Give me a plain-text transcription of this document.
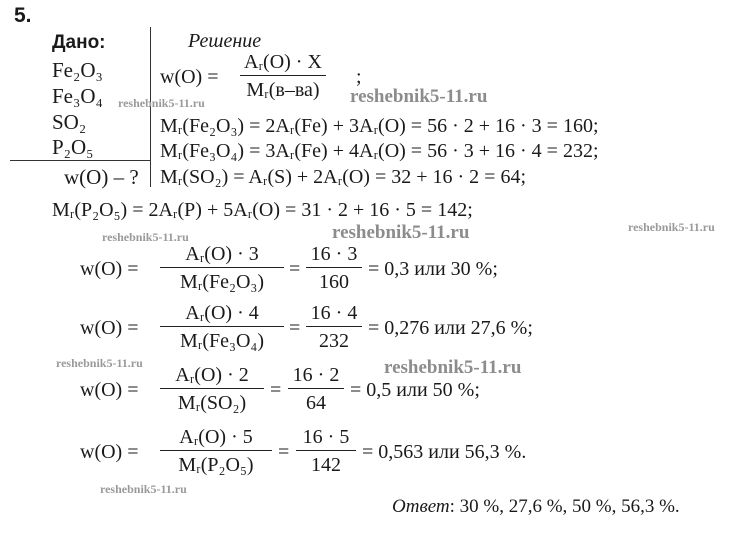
5.
Дано:
Fe₂O₃
Fe₃O₄
SO₂
P₂O₅
w(O) – ?
Решение
w(O) =
Aᵣ(O) · X
Mᵣ(в–ва)
;
Mᵣ(Fe₂O₃) = 2Aᵣ(Fe) + 3Aᵣ(O) = 56 · 2 + 16 · 3 = 160;
Mᵣ(Fe₃O₄) = 3Aᵣ(Fe) + 4Aᵣ(O) = 56 · 3 + 16 · 4 = 232;
Mᵣ(SO₂) = Aᵣ(S) + 2Aᵣ(O) = 32 + 16 · 2 = 64;
Mᵣ(P₂O₅) = 2Aᵣ(P) + 5Aᵣ(O) = 31 · 2 + 16 · 5 = 142;
w(O) =
Aᵣ(O) · 3
Mᵣ(Fe₂O₃)
=
16 · 3
160
= 0,3 или 30 %;
w(O) =
Aᵣ(O) · 4
Mᵣ(Fe₃O₄)
=
16 · 4
232
= 0,276 или 27,6 %;
w(O) =
Aᵣ(O) · 2
Mᵣ(SO₂)
=
16 · 2
64
= 0,5 или 50 %;
w(O) =
Aᵣ(O) · 5
Mᵣ(P₂O₅)
=
16 · 5
142
= 0,563 или 56,3 %.
Ответ: 30 %, 27,6 %, 50 %, 56,3 %.
reshebnik5-11.ru	reshebnik5-11.ru
reshebnik5-11.ru	reshebnik5-11.ru	reshebnik5-11.ru
reshebnik5-11.ru	reshebnik5-11.ru
reshebnik5-11.ru
